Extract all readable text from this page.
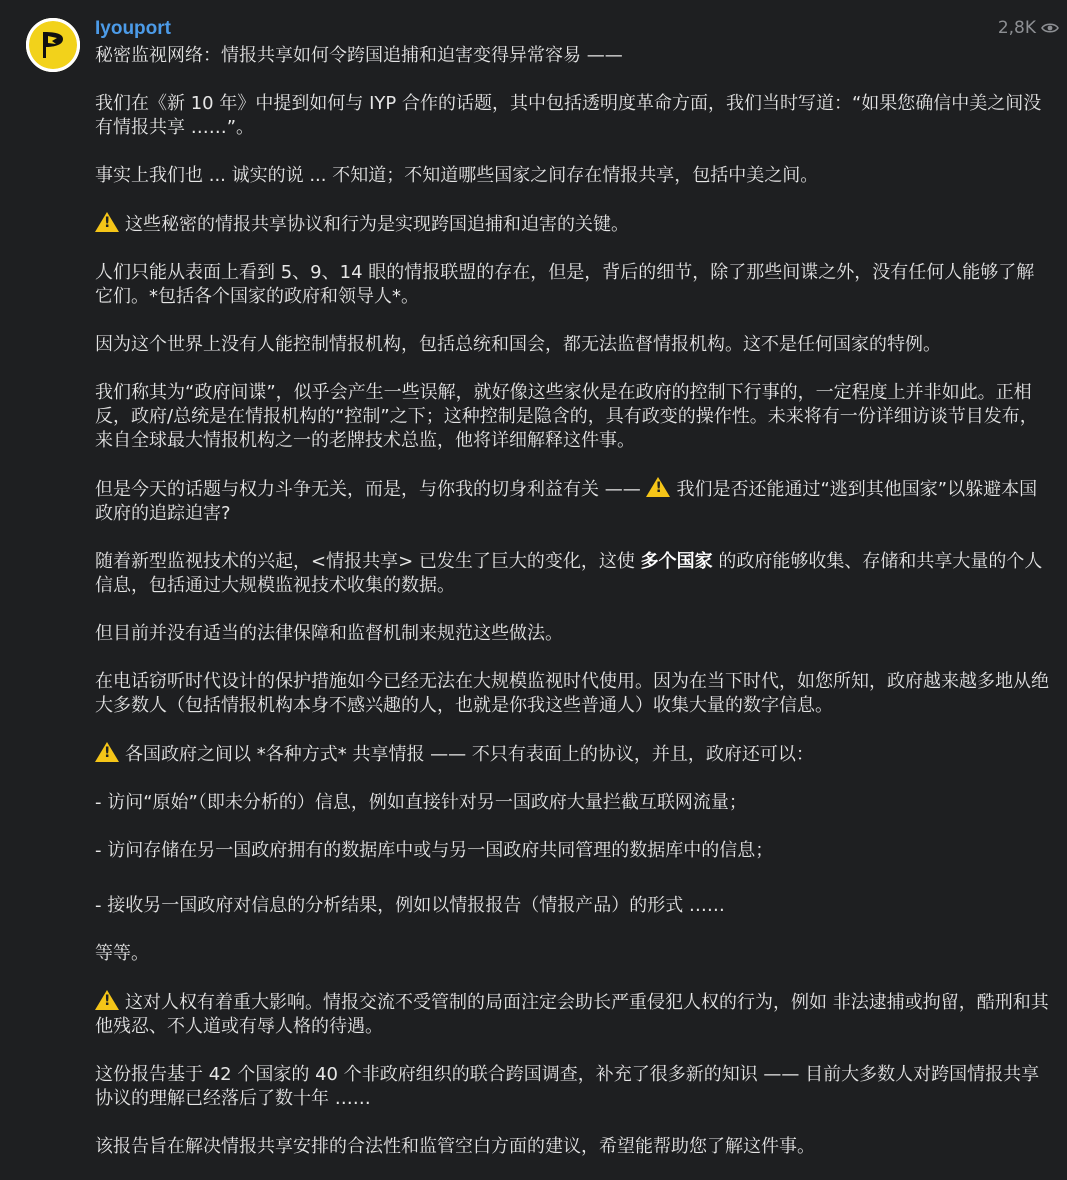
Iyouport	2,8K

秘密监视网络：情报共享如何令跨国追捕和迫害变得异常容易 ——

我们在《新 10 年》中提到如何与 IYP 合作的话题，其中包括透明度革命方面，我们当时写道：“如果您确信中美之间没有情报共享 ……”。

事实上我们也 ... 诚实的说 ... 不知道；不知道哪些国家之间存在情报共享，包括中美之间。

!这些秘密的情报共享协议和行为是实现跨国追捕和迫害的关键。

人们只能从表面上看到 5、9、14 眼的情报联盟的存在，但是，背后的细节，除了那些间谍之外，没有任何人能够了解它们。*包括各个国家的政府和领导人*。

因为这个世界上没有人能控制情报机构，包括总统和国会，都无法监督情报机构。这不是任何国家的特例。

我们称其为“政府间谍”，似乎会产生一些误解，就好像这些家伙是在政府的控制下行事的，一定程度上并非如此。正相反，政府/总统是在情报机构的“控制”之下；这种控制是隐含的，具有政变的操作性。未来将有一份详细访谈节目发布，来自全球最大情报机构之一的老牌技术总监，他将详细解释这件事。

但是今天的话题与权力斗争无关，而是，与你我的切身利益有关 —— !我们是否还能通过“逃到其他国家”以躲避本国政府的追踪迫害?

随着新型监视技术的兴起，<情报共享> 已发生了巨大的变化，这使 多个国家 的政府能够收集、存储和共享大量的个人信息，包括通过大规模监视技术收集的数据。

但目前并没有适当的法律保障和监督机制来规范这些做法。

在电话窃听时代设计的保护措施如今已经无法在大规模监视时代使用。因为在当下时代，如您所知，政府越来越多地从绝大多数人（包括情报机构本身不感兴趣的人，也就是你我这些普通人）收集大量的数字信息。

!各国政府之间以 *各种方式* 共享情报 —— 不只有表面上的协议，并且，政府还可以：

- 访问“原始”（即未分析的）信息，例如直接针对另一国政府大量拦截互联网流量；

- 访问存储在另一国政府拥有的数据库中或与另一国政府共同管理的数据库中的信息；

- 接收另一国政府对信息的分析结果，例如以情报报告（情报产品）的形式 ……

等等。

!这对人权有着重大影响。情报交流不受管制的局面注定会助长严重侵犯人权的行为，例如 非法逮捕或拘留，酷刑和其他残忍、不人道或有辱人格的待遇。

这份报告基于 42 个国家的 40 个非政府组织的联合跨国调查，补充了很多新的知识 —— 目前大多数人对跨国情报共享协议的理解已经落后了数十年 ……

该报告旨在解决情报共享安排的合法性和监管空白方面的建议，希望能帮助您了解这件事。
